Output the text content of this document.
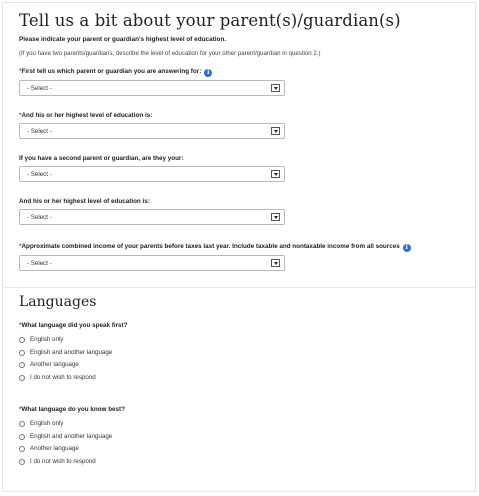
Tell us a bit about your parent(s)/guardian(s)
Please indicate your parent or guardian's highest level of education.
(If you have two parents/guardians, describe the level of education for your other parent/guardian in question 2.)
*First tell us which parent or guardian you are answering for: i
- Select -
*And his or her highest level of education is:
- Select -
If you have a second parent or guardian, are they your:
- Select -
And his or her highest level of education is:
- Select -
*Approximate combined income of your parents before taxes last year. Include taxable and nontaxable income from all sources i
- Select -
Languages
*What language did you speak first?
English only
English and another language
Another language
I do not wish to respond
*What language do you know best?
English only
English and another language
Another language
I do not wish to respond
